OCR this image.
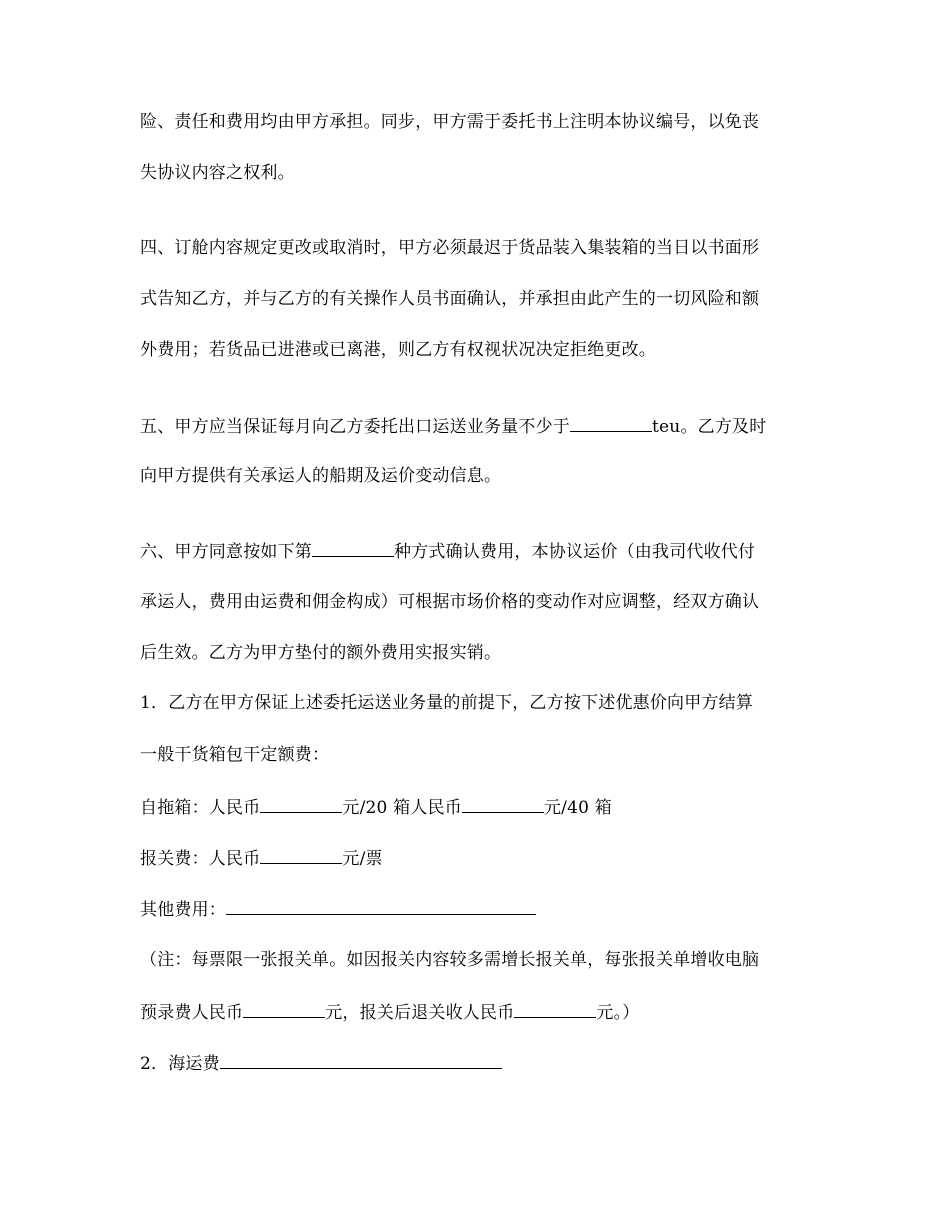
险、责任和费用均由甲方承担。同步，甲方需于委托书上注明本协议编号，以免丧
失协议内容之权利。
四、订舱内容规定更改或取消时，甲方必须最迟于货品装入集装箱的当日以书面形
式告知乙方，并与乙方的有关操作人员书面确认，并承担由此产生的一切风险和额
外费用；若货品已进港或已离港，则乙方有权视状况决定拒绝更改。
五、甲方应当保证每月向乙方委托出口运送业务量不少于	teu。乙方及时
向甲方提供有关承运人的船期及运价变动信息。
六、甲方同意按如下第	种方式确认费用，本协议运价（由我司代收代付
承运人，费用由运费和佣金构成）可根据市场价格的变动作对应调整，经双方确认
后生效。乙方为甲方垫付的额外费用实报实销。
1．乙方在甲方保证上述委托运送业务量的前提下，乙方按下述优惠价向甲方结算
一般干货箱包干定额费：
自拖箱：人民币	元/20 箱人民币	元/40 箱
报关费：人民币	元/票
其他费用：
（注：每票限一张报关单。如因报关内容较多需增长报关单，每张报关单增收电脑
预录费人民币	元，报关后退关收人民币	元。）
2．海运费
